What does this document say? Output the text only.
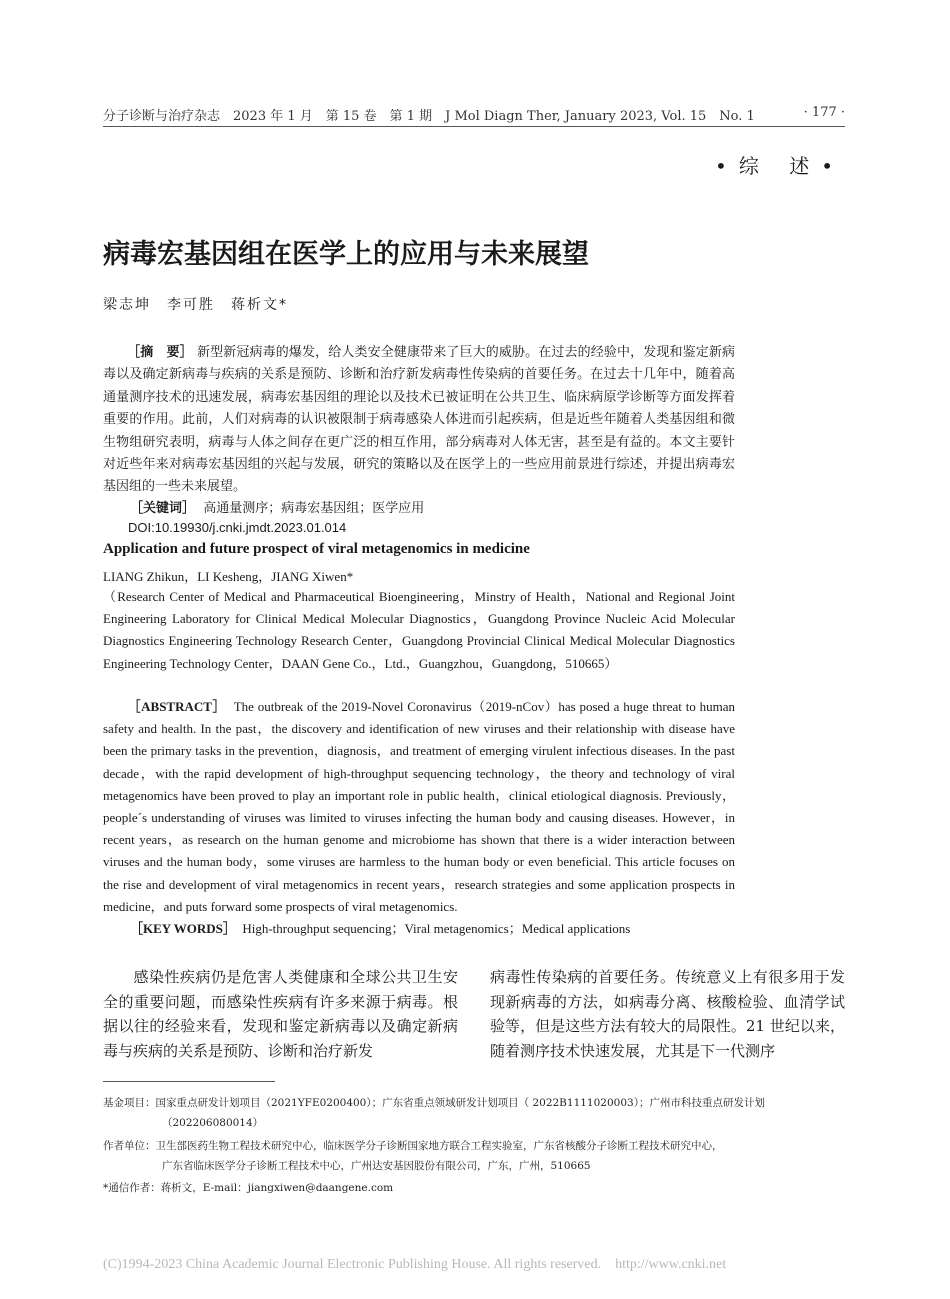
分子诊断与治疗杂志　2023 年 1 月　第 15 卷　第 1 期　J Mol Diagn Ther, January 2023, Vol. 15　No. 1	· 177 ·
•综 述•
病毒宏基因组在医学上的应用与未来展望
梁志坤　李可胜　蒋析文*

［摘　要］ 新型新冠病毒的爆发，给人类安全健康带来了巨大的威胁。在过去的经验中，发现和鉴定新病毒以及确定新病毒与疾病的关系是预防、诊断和治疗新发病毒性传染病的首要任务。在过去十几年中，随着高通量测序技术的迅速发展，病毒宏基因组的理论以及技术已被证明在公共卫生、临床病原学诊断等方面发挥着重要的作用。此前，人们对病毒的认识被限制于病毒感染人体进而引起疾病，但是近些年随着人类基因组和微生物组研究表明，病毒与人体之间存在更广泛的相互作用，部分病毒对人体无害，甚至是有益的。本文主要针对近些年来对病毒宏基因组的兴起与发展，研究的策略以及在医学上的一些应用前景进行综述，并提出病毒宏基因组的一些未来展望。

［关键词］ 高通量测序；病毒宏基因组；医学应用
DOI:10.19930/j.cnki.jmdt.2023.01.014
Application and future prospect of viral metagenomics in medicine
LIANG Zhikun，LI Kesheng，JIANG Xiwen*

（Research Center of Medical and Pharmaceutical Bioengineering，Minstry of Health，National and Regional Joint Engineering Laboratory for Clinical Medical Molecular Diagnostics，Guangdong Province Nucleic Acid Molecular Diagnostics Engineering Technology Research Center，Guangdong Provincial Clinical Medical Molecular Diagnostics Engineering Technology Center，DAAN Gene Co.，Ltd.，Guangzhou，Guangdong，510665）

［ABSTRACT］ The outbreak of the 2019-Novel Coronavirus（2019-nCov）has posed a huge threat to human safety and health. In the past，the discovery and identification of new viruses and their relationship with disease have been the primary tasks in the prevention，diagnosis，and treatment of emerging virulent infectious diseases. In the past decade，with the rapid development of high-throughput sequencing technology，the theory and technology of viral metagenomics have been proved to play an important role in public health，clinical etiological diagnosis. Previously，people´s understanding of viruses was limited to viruses infecting the human body and causing diseases. However，in recent years，as research on the human genome and microbiome has shown that there is a wider interaction between viruses and the human body，some viruses are harmless to the human body or even beneficial. This article focuses on the rise and development of viral metagenomics in recent years，research strategies and some application prospects in medicine，and puts forward some prospects of viral metagenomics.

［KEY WORDS］ High-throughput sequencing；Viral metagenomics；Medical applications

感染性疾病仍是危害人类健康和全球公共卫生安全的重要问题，而感染性疾病有许多来源于病毒。根据以往的经验来看，发现和鉴定新病毒以及确定新病毒与疾病的关系是预防、诊断和治疗新发

病毒性传染病的首要任务。传统意义上有很多用于发现新病毒的方法，如病毒分离、核酸检验、血清学试验等，但是这些方法有较大的局限性。21 世纪以来，随着测序技术快速发展，尤其是下一代测序

基金项目：国家重点研发计划项目（2021YFE0200400）；广东省重点领域研发计划项目（ 2022B1111020003）；广州市科技重点研发计划
（202206080014）
作者单位：卫生部医药生物工程技术研究中心，临床医学分子诊断国家地方联合工程实验室，广东省核酸分子诊断工程技术研究中心，
广东省临床医学分子诊断工程技术中心，广州达安基因股份有限公司，广东，广州，510665
*通信作者：蒋析文，E-mail：jiangxiwen@daangene.com
(C)1994-2023 China Academic Journal Electronic Publishing House. All rights reserved.　http://www.cnki.net
